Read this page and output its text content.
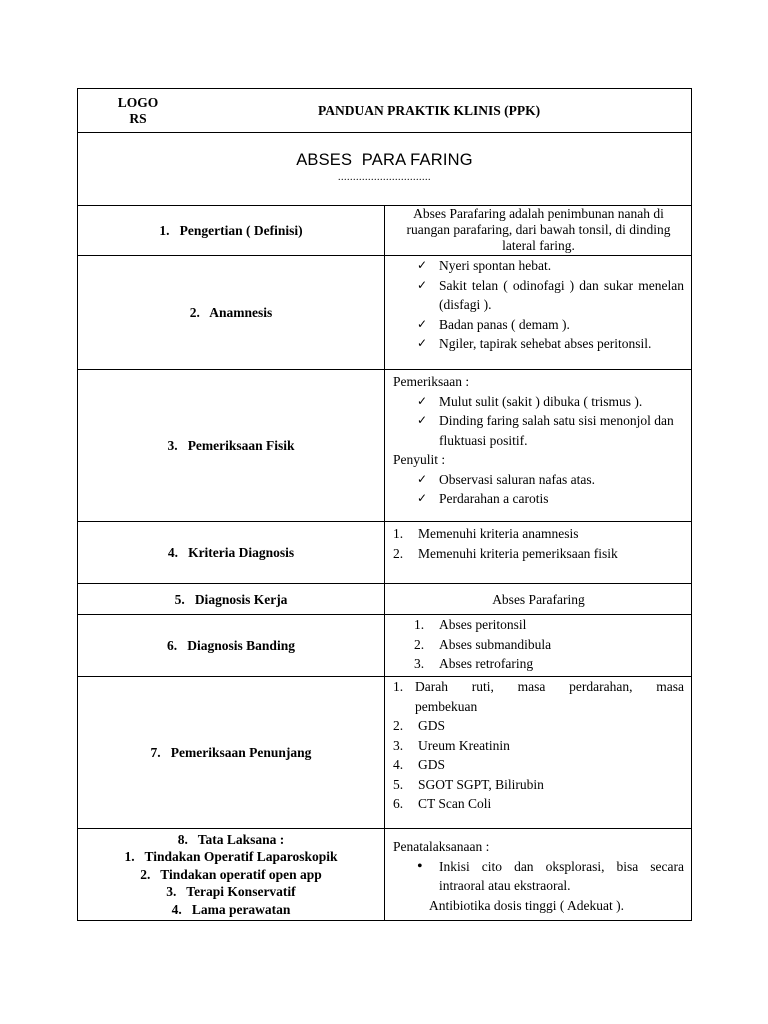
LOGO
RS
PANDUAN PRAKTIK KLINIS (PPK)
ABSES  PARA FARING
...............................
1.   Pengertian ( Definisi)
Abses Parafaring adalah penimbunan nanah di ruangan parafaring, dari bawah tonsil, di dinding lateral faring.
2.   Anamnesis
✓ Nyeri spontan hebat.
✓ Sakit telan ( odinofagi ) dan sukar menelan (disfagi ).
✓ Badan panas ( demam ).
✓ Ngiler, tapirak sehebat abses peritonsil.
3.   Pemeriksaan Fisik
Pemeriksaan :
✓ Mulut sulit (sakit ) dibuka ( trismus ).
✓ Dinding faring salah satu sisi menonjol dan fluktuasi positif.
Penyulit :
✓ Observasi saluran nafas atas.
✓ Perdarahan a carotis
4.   Kriteria Diagnosis
1. Memenuhi kriteria anamnesis
2. Memenuhi kriteria pemeriksaan fisik
5.   Diagnosis Kerja	Abses Parafaring
6.   Diagnosis Banding
1. Abses peritonsil
2. Abses submandibula
3. Abses retrofaring
7.   Pemeriksaan Penunjang
1. Darah ruti, masa perdarahan, masa pembekuan
2. GDS
3. Ureum Kreatinin
4. GDS
5. SGOT SGPT, Bilirubin
6. CT Scan Coli
8.   Tata Laksana :
1.   Tindakan Operatif Laparoskopik
2.   Tindakan operatif open app
3.   Terapi Konservatif
4.   Lama perawatan
Penatalaksanaan :
• Inkisi cito dan oksplorasi, bisa secara intraoral atau ekstraoral.
Antibiotika dosis tinggi ( Adekuat ).
